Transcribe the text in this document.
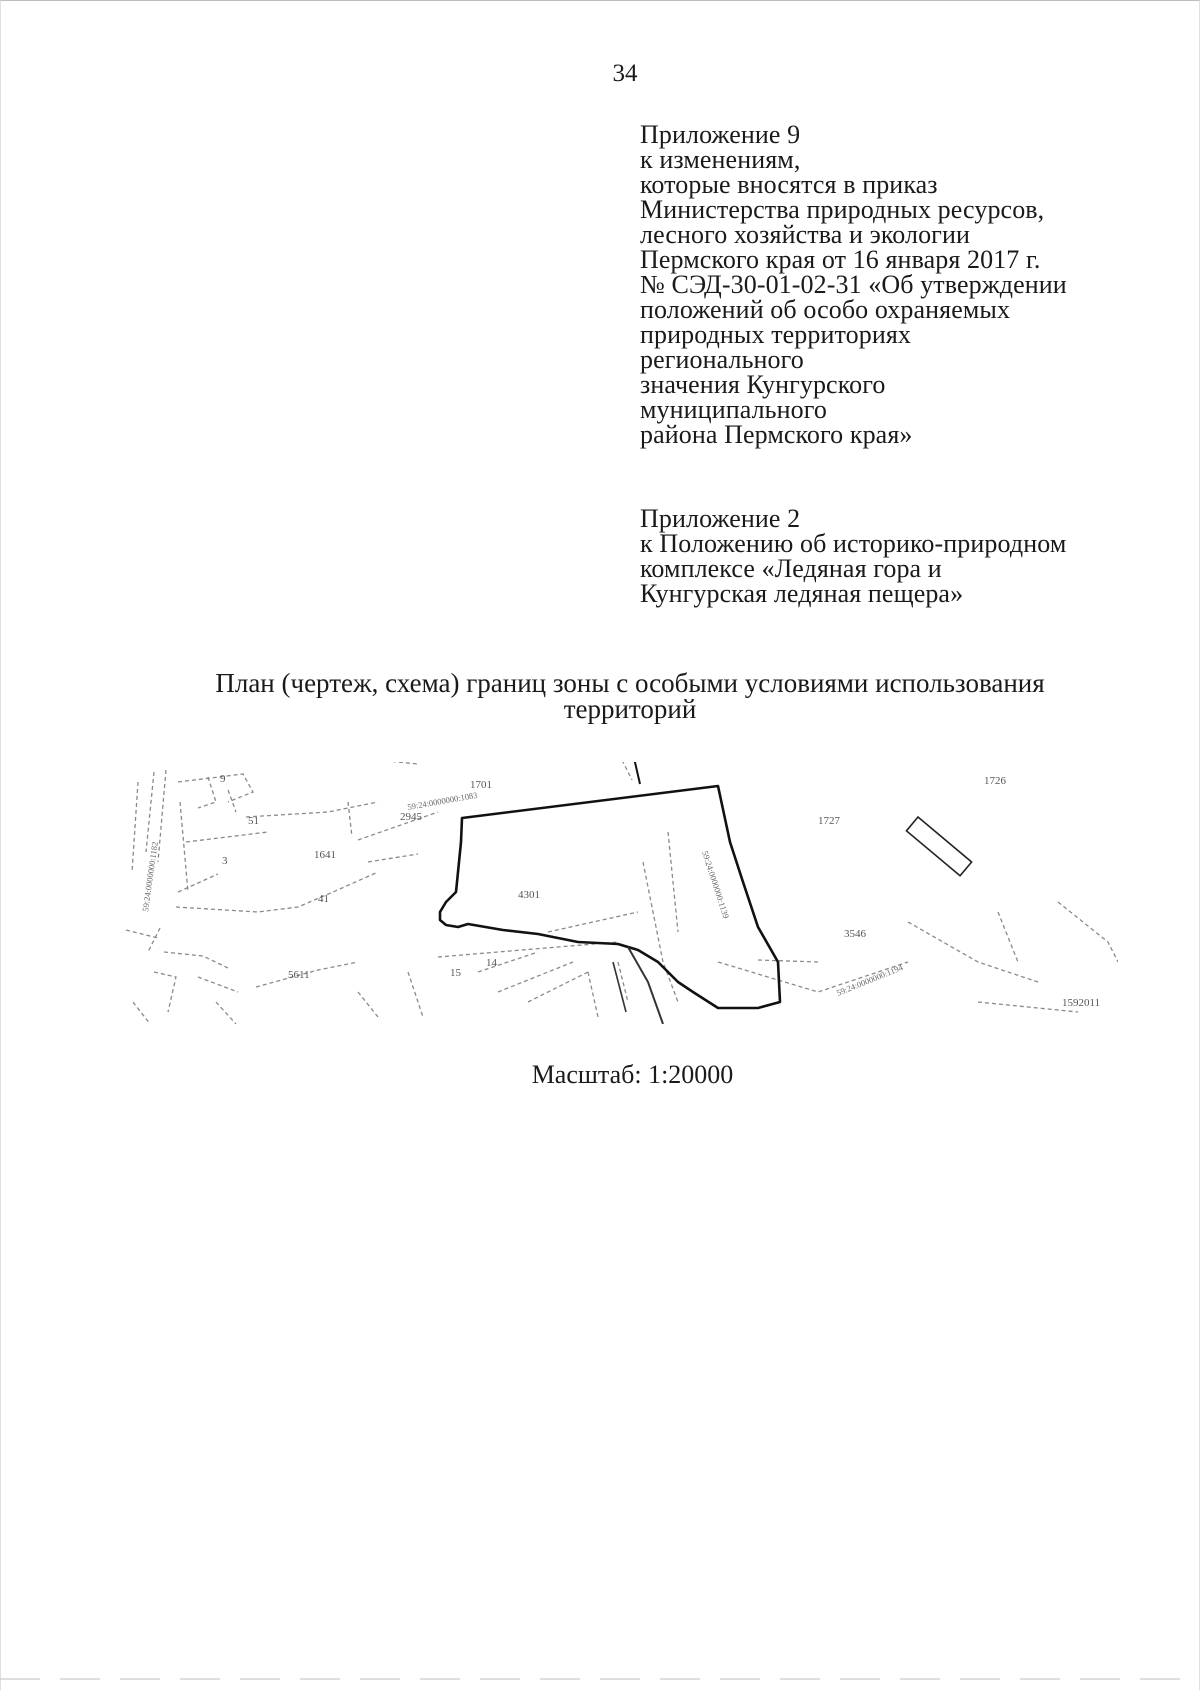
34
Приложение 9
к изменениям,
которые вносятся в приказ
Министерства природных ресурсов,
лесного хозяйства и экологии
Пермского края от 16 января 2017 г.
№ СЭД-30-01-02-31 «Об утверждении
положений об особо охраняемых
природных территориях
регионального
значения Кунгурского
муниципального
района Пермского края»
Приложение 2
к Положению об историко-природном
комплексе «Ледяная гора и
Кунгурская ледяная пещера»
План (чертеж, схема) границ зоны с особыми условиями использования
территорий
4301
3546
1727
1726
2945
51
41
14
15
3
5611
1641
1701
9
1592011
59:24:0000000:1083
59:24:0000000:1139
59:24:0000000:1194
59:24:0000000:1182
Масштаб: 1:20000
